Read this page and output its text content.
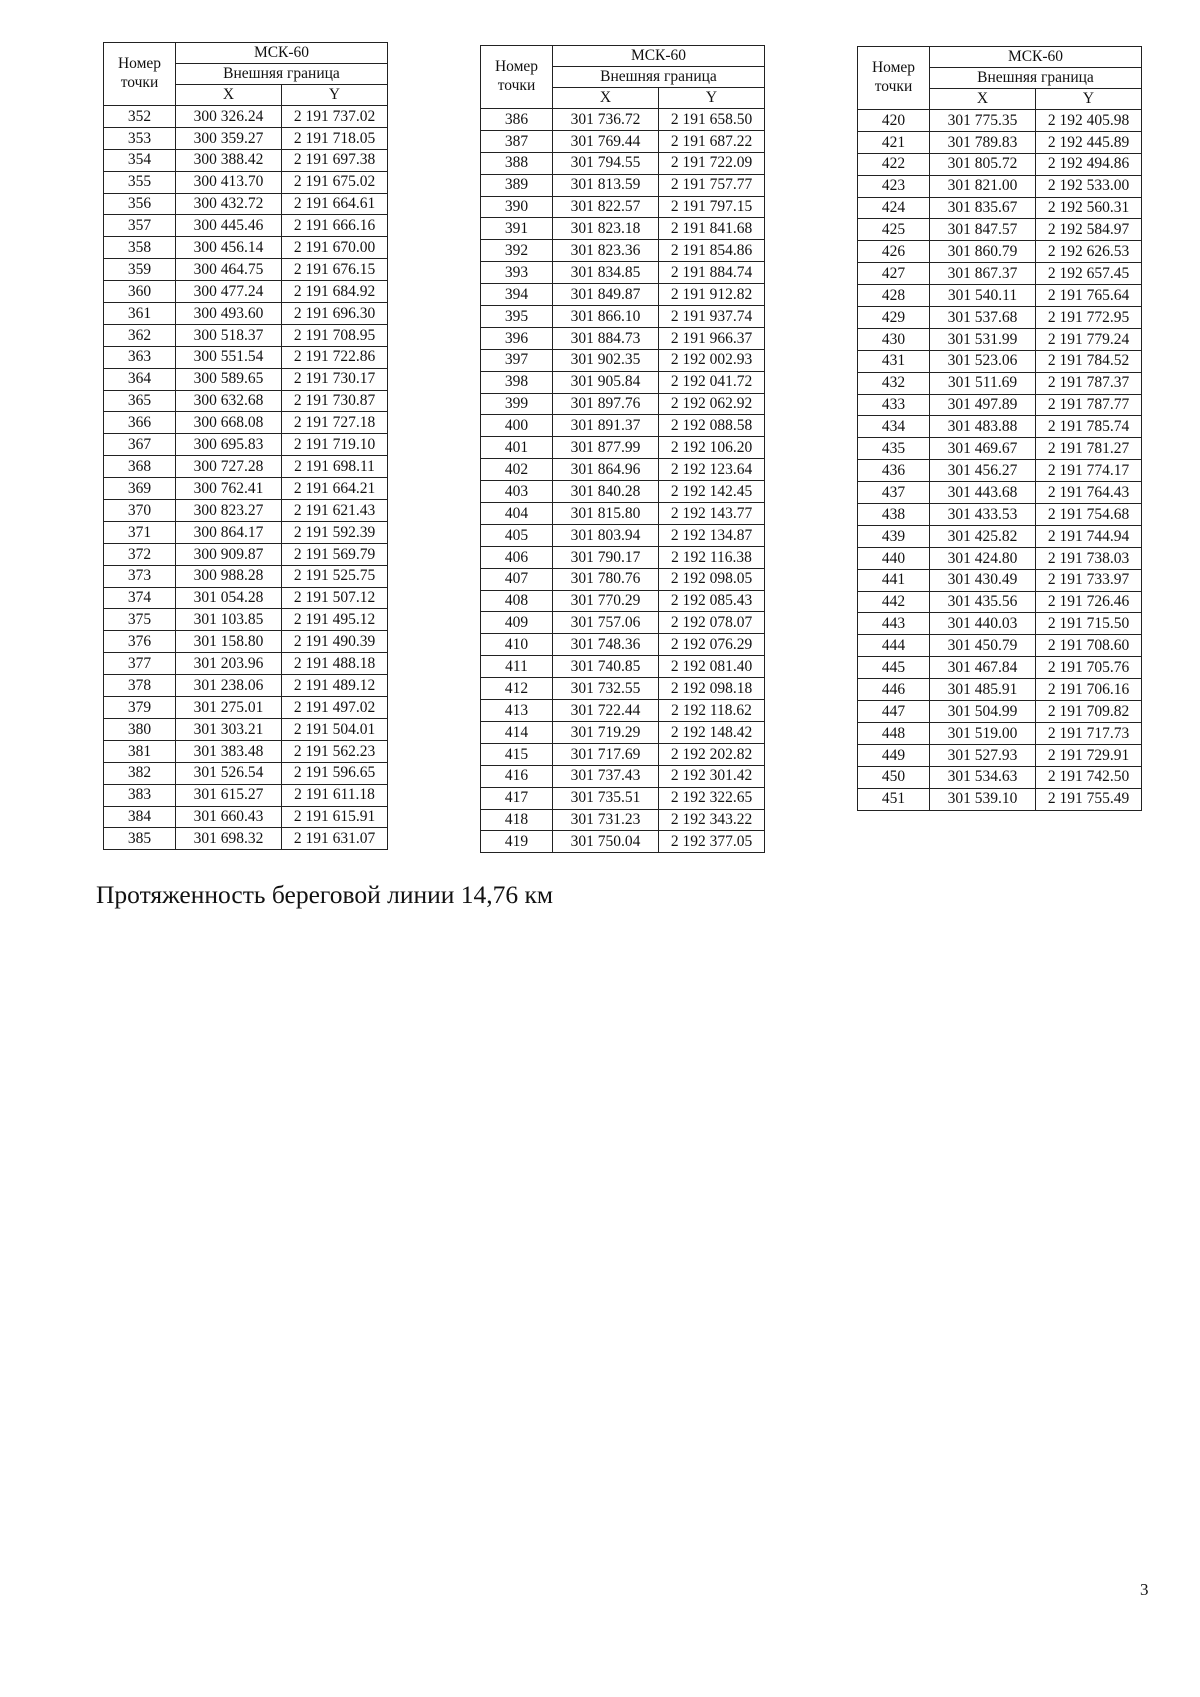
Номер
точки	МСК-60	
	Внешняя граница	
	X	Y
352	300 326.24	2 191 737.02
353	300 359.27	2 191 718.05
354	300 388.42	2 191 697.38
355	300 413.70	2 191 675.02
356	300 432.72	2 191 664.61
357	300 445.46	2 191 666.16
358	300 456.14	2 191 670.00
359	300 464.75	2 191 676.15
360	300 477.24	2 191 684.92
361	300 493.60	2 191 696.30
362	300 518.37	2 191 708.95
363	300 551.54	2 191 722.86
364	300 589.65	2 191 730.17
365	300 632.68	2 191 730.87
366	300 668.08	2 191 727.18
367	300 695.83	2 191 719.10
368	300 727.28	2 191 698.11
369	300 762.41	2 191 664.21
370	300 823.27	2 191 621.43
371	300 864.17	2 191 592.39
372	300 909.87	2 191 569.79
373	300 988.28	2 191 525.75
374	301 054.28	2 191 507.12
375	301 103.85	2 191 495.12
376	301 158.80	2 191 490.39
377	301 203.96	2 191 488.18
378	301 238.06	2 191 489.12
379	301 275.01	2 191 497.02
380	301 303.21	2 191 504.01
381	301 383.48	2 191 562.23
382	301 526.54	2 191 596.65
383	301 615.27	2 191 611.18
384	301 660.43	2 191 615.91
385	301 698.32	2 191 631.07
Номер
точки	МСК-60	
	Внешняя граница	
	X	Y
386	301 736.72	2 191 658.50
387	301 769.44	2 191 687.22
388	301 794.55	2 191 722.09
389	301 813.59	2 191 757.77
390	301 822.57	2 191 797.15
391	301 823.18	2 191 841.68
392	301 823.36	2 191 854.86
393	301 834.85	2 191 884.74
394	301 849.87	2 191 912.82
395	301 866.10	2 191 937.74
396	301 884.73	2 191 966.37
397	301 902.35	2 192 002.93
398	301 905.84	2 192 041.72
399	301 897.76	2 192 062.92
400	301 891.37	2 192 088.58
401	301 877.99	2 192 106.20
402	301 864.96	2 192 123.64
403	301 840.28	2 192 142.45
404	301 815.80	2 192 143.77
405	301 803.94	2 192 134.87
406	301 790.17	2 192 116.38
407	301 780.76	2 192 098.05
408	301 770.29	2 192 085.43
409	301 757.06	2 192 078.07
410	301 748.36	2 192 076.29
411	301 740.85	2 192 081.40
412	301 732.55	2 192 098.18
413	301 722.44	2 192 118.62
414	301 719.29	2 192 148.42
415	301 717.69	2 192 202.82
416	301 737.43	2 192 301.42
417	301 735.51	2 192 322.65
418	301 731.23	2 192 343.22
419	301 750.04	2 192 377.05
Номер
точки	МСК-60	
	Внешняя граница	
	X	Y
420	301 775.35	2 192 405.98
421	301 789.83	2 192 445.89
422	301 805.72	2 192 494.86
423	301 821.00	2 192 533.00
424	301 835.67	2 192 560.31
425	301 847.57	2 192 584.97
426	301 860.79	2 192 626.53
427	301 867.37	2 192 657.45
428	301 540.11	2 191 765.64
429	301 537.68	2 191 772.95
430	301 531.99	2 191 779.24
431	301 523.06	2 191 784.52
432	301 511.69	2 191 787.37
433	301 497.89	2 191 787.77
434	301 483.88	2 191 785.74
435	301 469.67	2 191 781.27
436	301 456.27	2 191 774.17
437	301 443.68	2 191 764.43
438	301 433.53	2 191 754.68
439	301 425.82	2 191 744.94
440	301 424.80	2 191 738.03
441	301 430.49	2 191 733.97
442	301 435.56	2 191 726.46
443	301 440.03	2 191 715.50
444	301 450.79	2 191 708.60
445	301 467.84	2 191 705.76
446	301 485.91	2 191 706.16
447	301 504.99	2 191 709.82
448	301 519.00	2 191 717.73
449	301 527.93	2 191 729.91
450	301 534.63	2 191 742.50
451	301 539.10	2 191 755.49

Протяженность береговой линии 14,76 км

3
